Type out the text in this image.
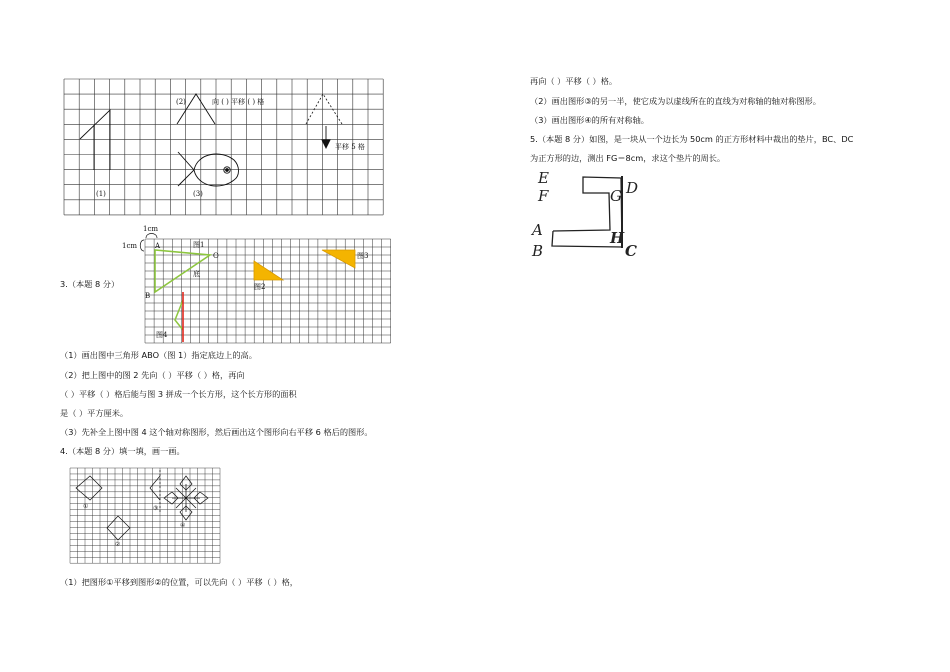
(2)	向 ( ) 平移 ( ) 格
平移 5 格
(1)	(3)
1cm
1cm	A
O
B
图1
底
图2
图3
图4
①
②
③
④
E
F	G D
A
B
H
C
3.（本题 8 分）
（1）画出图中三角形 ABO（图 1）指定底边上的高。
（2）把上图中的图 2 先向（ ）平移（ ）格，再向
（ ）平移（ ）格后能与图 3 拼成一个长方形，这个长方形的面积
是（ ）平方厘米。
（3）先补全上图中图 4 这个轴对称图形，然后画出这个图形向右平移 6 格后的图形。
4.（本题 8 分）填一填，画一画。
（1）把图形①平移到图形②的位置，可以先向（ ）平移（ ）格，
再向（ ）平移（ ）格。
（2）画出图形③的另一半，使它成为以虚线所在的直线为对称轴的轴对称图形。
（3）画出图形④的所有对称轴。
5.（本题 8 分）如图，是一块从一个边长为 50cm 的正方形材料中裁出的垫片，BC、DC
为正方形的边，测出 FG＝8cm，求这个垫片的周长。
